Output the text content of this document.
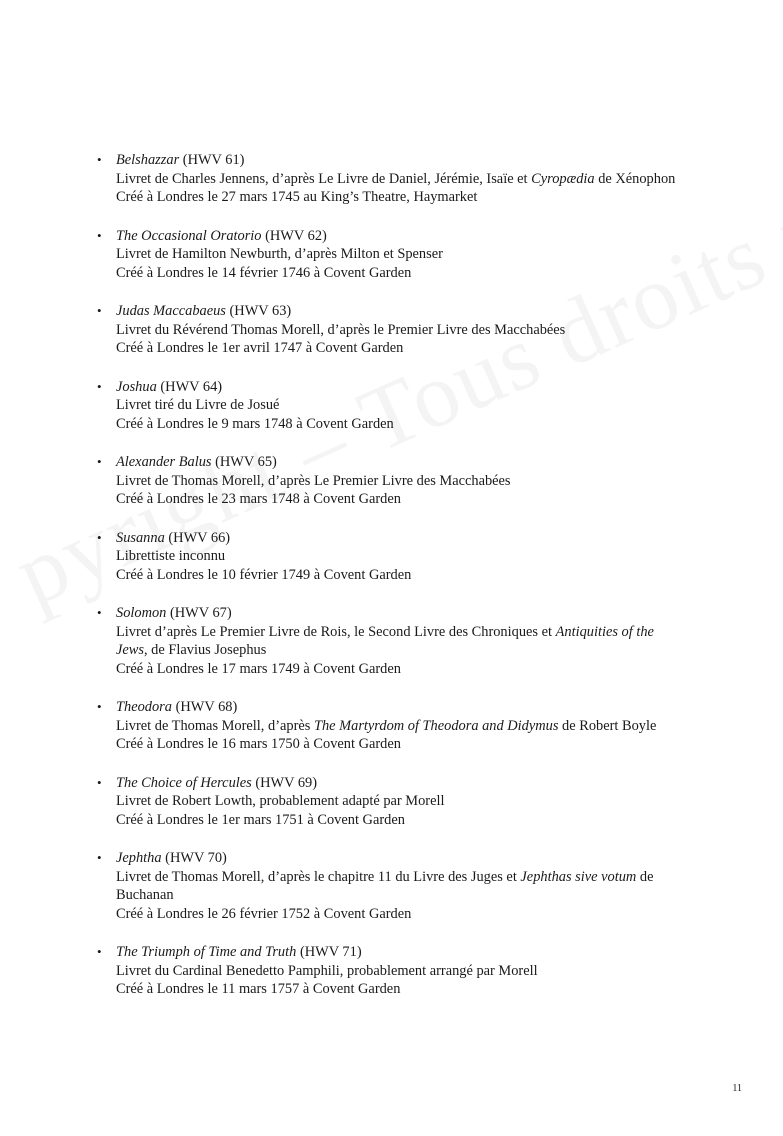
• Belshazzar (HWV 61)

Livret de Charles Jennens, d’après Le Livre de Daniel, Jérémie, Isaïe et Cyropædia de Xénophon

Créé à Londres le 27 mars 1745 au King’s Theatre, Haymarket

• The Occasional Oratorio (HWV 62)

Livret de Hamilton Newburth, d’après Milton et Spenser

Créé à Londres le 14 février 1746 à Covent Garden

• Judas Maccabaeus (HWV 63)

Livret du Révérend Thomas Morell, d’après le Premier Livre des Macchabées

Créé à Londres le 1er avril 1747 à Covent Garden

• Joshua (HWV 64)

Livret tiré du Livre de Josué

Créé à Londres le 9 mars 1748 à Covent Garden

• Alexander Balus (HWV 65)

Livret de Thomas Morell, d’après Le Premier Livre des Macchabées

Créé à Londres le 23 mars 1748 à Covent Garden

• Susanna (HWV 66)

Librettiste inconnu

Créé à Londres le 10 février 1749 à Covent Garden

• Solomon (HWV 67)

Livret d’après Le Premier Livre de Rois, le Second Livre des Chroniques et Antiquities of the Jews, de Flavius Josephus

Créé à Londres le 17 mars 1749 à Covent Garden

• Theodora (HWV 68)

Livret de Thomas Morell, d’après The Martyrdom of Theodora and Didymus de Robert Boyle

Créé à Londres le 16 mars 1750 à Covent Garden

• The Choice of Hercules (HWV 69)

Livret de Robert Lowth, probablement adapté par Morell

Créé à Londres le 1er mars 1751 à Covent Garden

• Jephtha (HWV 70)

Livret de Thomas Morell, d’après le chapitre 11 du Livre des Juges et Jephthas sive votum de Buchanan

Créé à Londres le 26 février 1752 à Covent Garden

• The Triumph of Time and Truth (HWV 71)

Livret du Cardinal Benedetto Pamphili, probablement arrangé par Morell

Créé à Londres le 11 mars 1757 à Covent Garden

11
